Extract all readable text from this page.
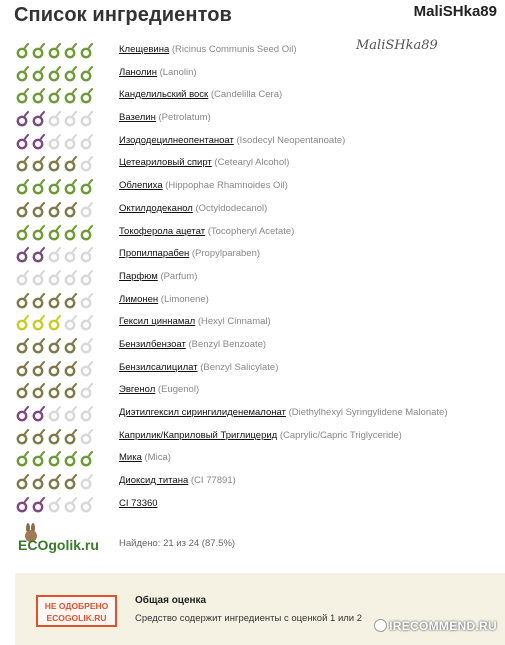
Список ингредиентов	MaliSHka89
MaliSHka89
Клещевина (Ricinus Communis Seed Oil)
Ланолин (Lanolin)
Канделильский воск (Candelilla Cera)
Вазелин (Petrolatum)
Изододецилнеопентаноат (Isodecyl Neopentanoate)
Цетеариловый спирт (Cetearyl Alcohol)
Облепиха (Hippophae Rhamnoides Oil)
Октилдодеканол (Octyldodecanol)
Токоферола ацетат (Tocopheryl Acetate)
Пропилпарабен (Propylparaben)
Парфюм (Parfum)
Лимонен (Limonene)
Гексил циннамал (Hexyl Cinnamal)
Бензилбензоат (Benzyl Benzoate)
Бензилсалицилат (Benzyl Salicylate)
Эвгенол (Eugenol)
Диэтилгексил сирингилиденемалонат (Diethylhexyl Syringylidene Malonate)
Каприлик/Каприловый Триглицерид (Caprylic/Capric Triglyceride)
Мика (Mica)
Диоксид титана (CI 77891)
CI 73360
ECOgolik.ru Найдено: 21 из 24 (87.5%)
НЕ ОДОБРЕНО
ECOGOLIK.RU
Общая оценка
Средство содержит ингредиенты с оценкой 1 или 2
IRECOMMEND.RU
